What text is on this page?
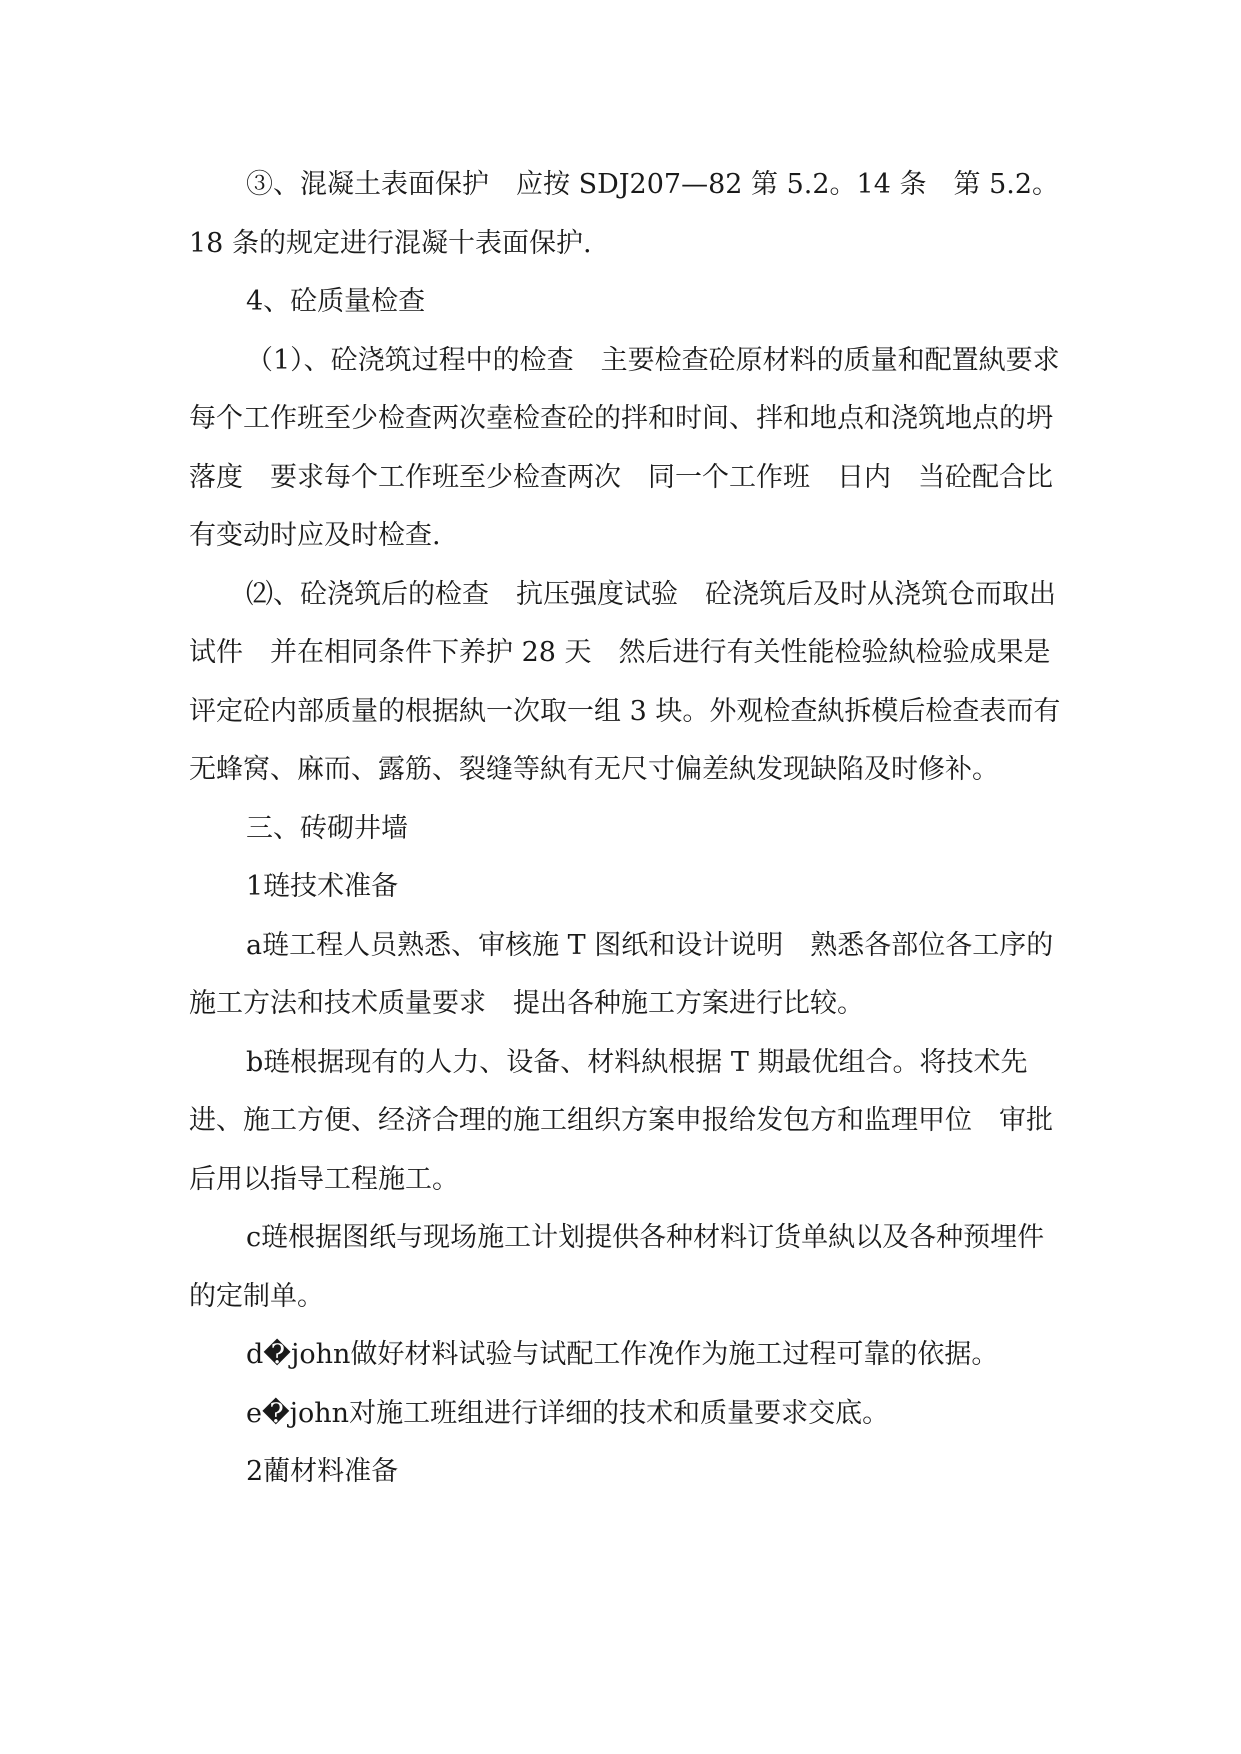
③、混凝土表面保护　应按 SDJ207—82 第 5.2。14 条　第 5.2。18 条的规定进行混凝十表面保护.

4、砼质量检查

（1）、砼浇筑过程中的检查　主要检查砼原材料的质量和配置紈要求每个工作班至少检查两次㙓检查砼的拌和时间、拌和地点和浇筑地点的坍落度　要求每个工作班至少检查两次　同一个工作班　日内　当砼配合比有变动时应及时检查.

⑵、砼浇筑后的检查　抗压强度试验　砼浇筑后及时从浇筑仓而取出试件　并在相同条件下养护 28 天　然后进行有关性能检验紈检验成果是评定砼内部质量的根据紈一次取一组 3 块。外观检查紈拆模后检查表而有无蜂窝、麻而、露筋、裂缝等紈有无尺寸偏差紈发现缺陷及时修补。

三、砖砌井墙

1琏技术准备

a琏工程人员熟悉、审核施 T 图纸和设计说明　熟悉各部位各工序的施工方法和技术质量要求　提出各种施工方案进行比较。

b琏根据现有的人力、设备、材料紈根据 T 期最优组合。将技术先进、施工方便、经济合理的施工组织方案申报给发包方和监理甲位　审批后用以指导工程施工。

c琏根据图纸与现场施工计划提供各种材料订货单紈以及各种预埋件的定制单。

d�john做好材料试验与试配工作凂作为施工过程可靠的依据。

e�john对施工班组进行详细的技术和质量要求交底。

2藺材料准备
